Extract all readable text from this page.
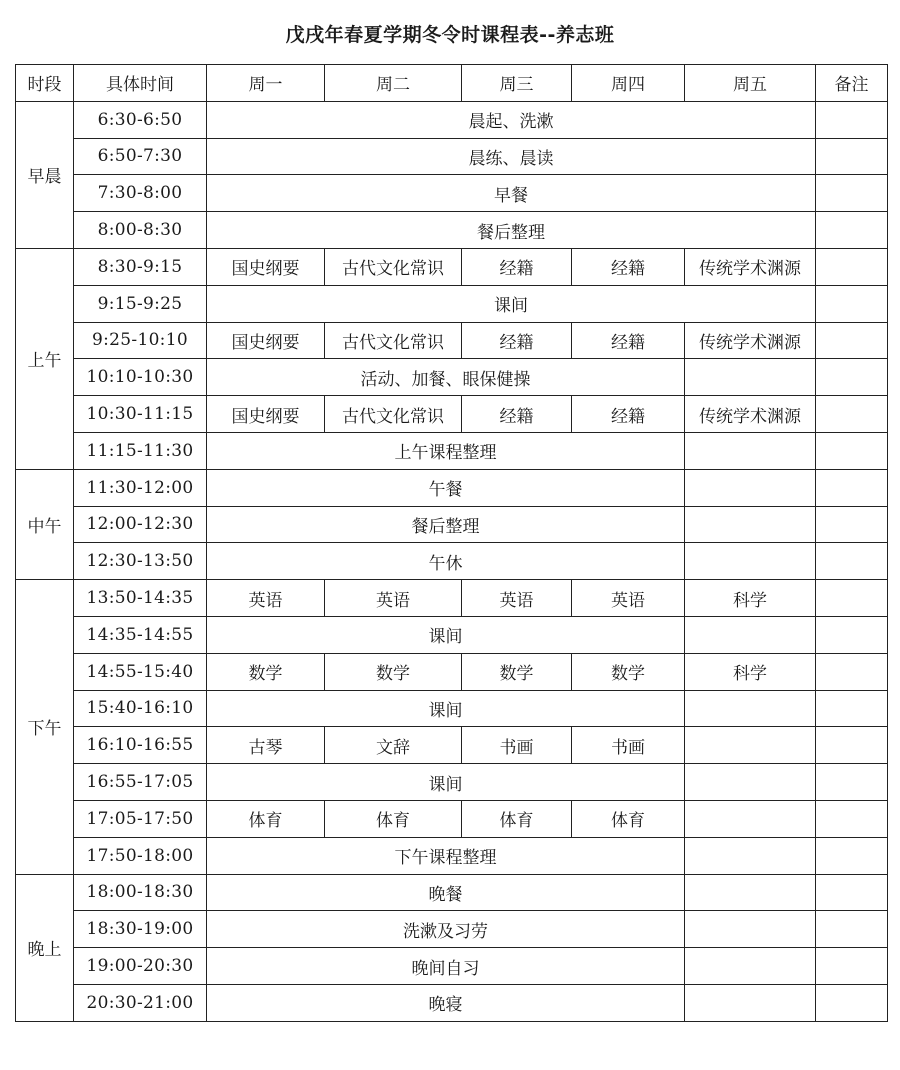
戊戌年春夏学期冬令时课程表--养志班
时段	具体时间	周一	周二	周三	周四	周五	备注
早晨	6:30-6:50	晨起、洗漱					
	6:50-7:30	晨练、晨读					
	7:30-8:00	早餐					
	8:00-8:30	餐后整理					
上午	8:30-9:15	国史纲要	古代文化常识	经籍	经籍	传统学术渊源	
	9:15-9:25	课间					
	9:25-10:10	国史纲要	古代文化常识	经籍	经籍	传统学术渊源	
	10:10-10:30	活动、加餐、眼保健操					
	10:30-11:15	国史纲要	古代文化常识	经籍	经籍	传统学术渊源	
	11:15-11:30	上午课程整理					
中午	11:30-12:00	午餐					
	12:00-12:30	餐后整理					
	12:30-13:50	午休					
下午	13:50-14:35	英语	英语	英语	英语	科学	
	14:35-14:55	课间					
	14:55-15:40	数学	数学	数学	数学	科学	
	15:40-16:10	课间					
	16:10-16:55	古琴	文辞	书画	书画		
	16:55-17:05	课间					
	17:05-17:50	体育	体育	体育	体育		
	17:50-18:00	下午课程整理					
晚上	18:00-18:30	晚餐					
	18:30-19:00	洗漱及习劳					
	19:00-20:30	晚间自习					
	20:30-21:00	晚寝					
